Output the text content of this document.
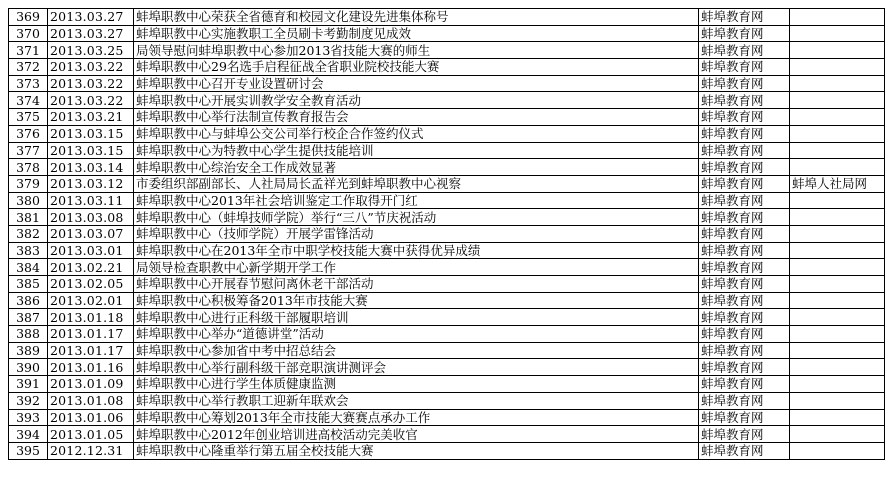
369	2013.03.27	蚌埠职教中心荣获全省德育和校园文化建设先进集体称号	蚌埠教育网	
370	2013.03.27	蚌埠职教中心实施教职工全员刷卡考勤制度见成效	蚌埠教育网	
371	2013.03.25	局领导慰问蚌埠职教中心参加2013省技能大赛的师生	蚌埠教育网	
372	2013.03.22	蚌埠职教中心29名选手启程征战全省职业院校技能大赛	蚌埠教育网	
373	2013.03.22	蚌埠职教中心召开专业设置研讨会	蚌埠教育网	
374	2013.03.22	蚌埠职教中心开展实训教学安全教育活动	蚌埠教育网	
375	2013.03.21	蚌埠职教中心举行法制宣传教育报告会	蚌埠教育网	
376	2013.03.15	蚌埠职教中心与蚌埠公交公司举行校企合作签约仪式	蚌埠教育网	
377	2013.03.15	蚌埠职教中心为特教中心学生提供技能培训	蚌埠教育网	
378	2013.03.14	蚌埠职教中心综治安全工作成效显著	蚌埠教育网	
379	2013.03.12	市委组织部副部长、人社局局长孟祥光到蚌埠职教中心视察	蚌埠教育网	蚌埠人社局网
380	2013.03.11	蚌埠职教中心2013年社会培训鉴定工作取得开门红	蚌埠教育网	
381	2013.03.08	蚌埠职教中心（蚌埠技师学院）举行“三八”节庆祝活动	蚌埠教育网	
382	2013.03.07	蚌埠职教中心（技师学院）开展学雷锋活动	蚌埠教育网	
383	2013.03.01	蚌埠职教中心在2013年全市中职学校技能大赛中获得优异成绩	蚌埠教育网	
384	2013.02.21	局领导检查职教中心新学期开学工作	蚌埠教育网	
385	2013.02.05	蚌埠职教中心开展春节慰问离休老干部活动	蚌埠教育网	
386	2013.02.01	蚌埠职教中心积极筹备2013年市技能大赛	蚌埠教育网	
387	2013.01.18	蚌埠职教中心进行正科级干部履职培训	蚌埠教育网	
388	2013.01.17	蚌埠职教中心举办“道德讲堂”活动	蚌埠教育网	
389	2013.01.17	蚌埠职教中心参加省中考中招总结会	蚌埠教育网	
390	2013.01.16	蚌埠职教中心举行副科级干部竞职演讲测评会	蚌埠教育网	
391	2013.01.09	蚌埠职教中心进行学生体质健康监测	蚌埠教育网	
392	2013.01.08	蚌埠职教中心举行教职工迎新年联欢会	蚌埠教育网	
393	2013.01.06	蚌埠职教中心筹划2013年全市技能大赛赛点承办工作	蚌埠教育网	
394	2013.01.05	蚌埠职教中心2012年创业培训进高校活动完美收官	蚌埠教育网	
395	2012.12.31	蚌埠职教中心隆重举行第五届全校技能大赛	蚌埠教育网	
